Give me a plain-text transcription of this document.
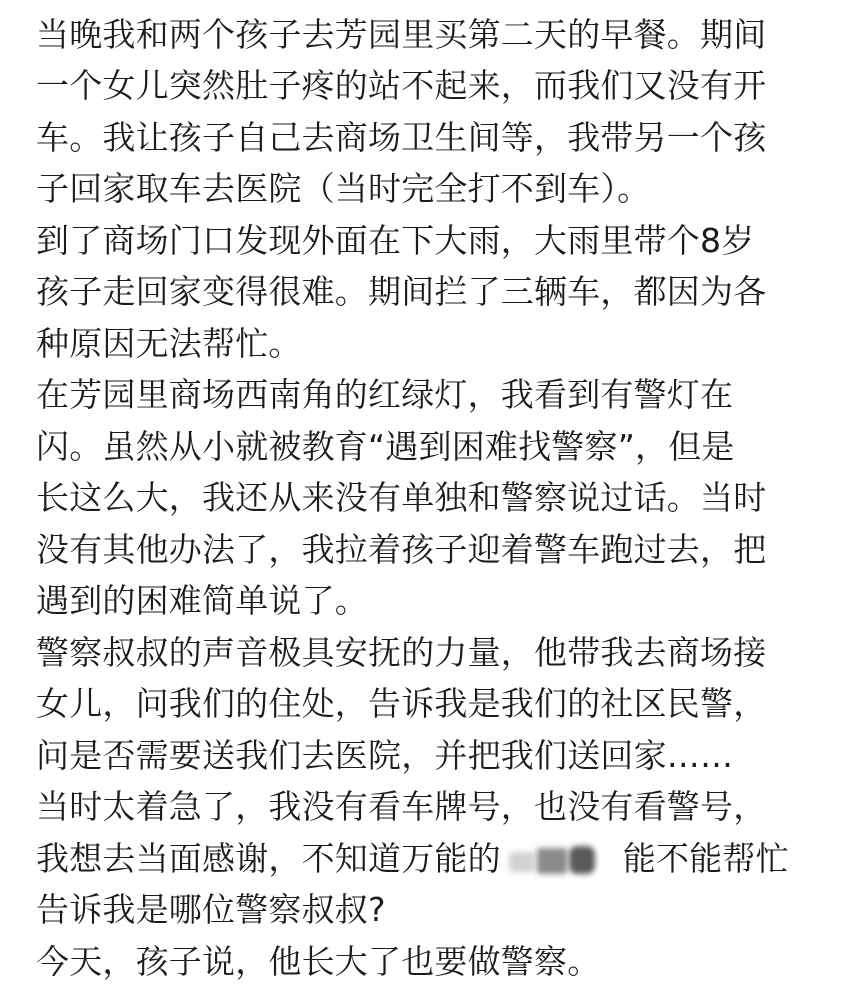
当晚我和两个孩子去芳园里买第二天的早餐。期间
一个女儿突然肚子疼的站不起来，而我们又没有开
车。我让孩子自己去商场卫生间等，我带另一个孩
子回家取车去医院（当时完全打不到车）。
到了商场门口发现外面在下大雨，大雨里带个8岁
孩子走回家变得很难。期间拦了三辆车，都因为各
种原因无法帮忙。
在芳园里商场西南角的红绿灯，我看到有警灯在
闪。虽然从小就被教育“遇到困难找警察”，但是
长这么大，我还从来没有单独和警察说过话。当时
没有其他办法了，我拉着孩子迎着警车跑过去，把
遇到的困难简单说了。
警察叔叔的声音极具安抚的力量，他带我去商场接
女儿，问我们的住处，告诉我是我们的社区民警，
问是否需要送我们去医院，并把我们送回家……
当时太着急了，我没有看车牌号，也没有看警号，
我想去当面感谢，不知道万能的	能不能帮忙
告诉我是哪位警察叔叔?
今天，孩子说，他长大了也要做警察。
